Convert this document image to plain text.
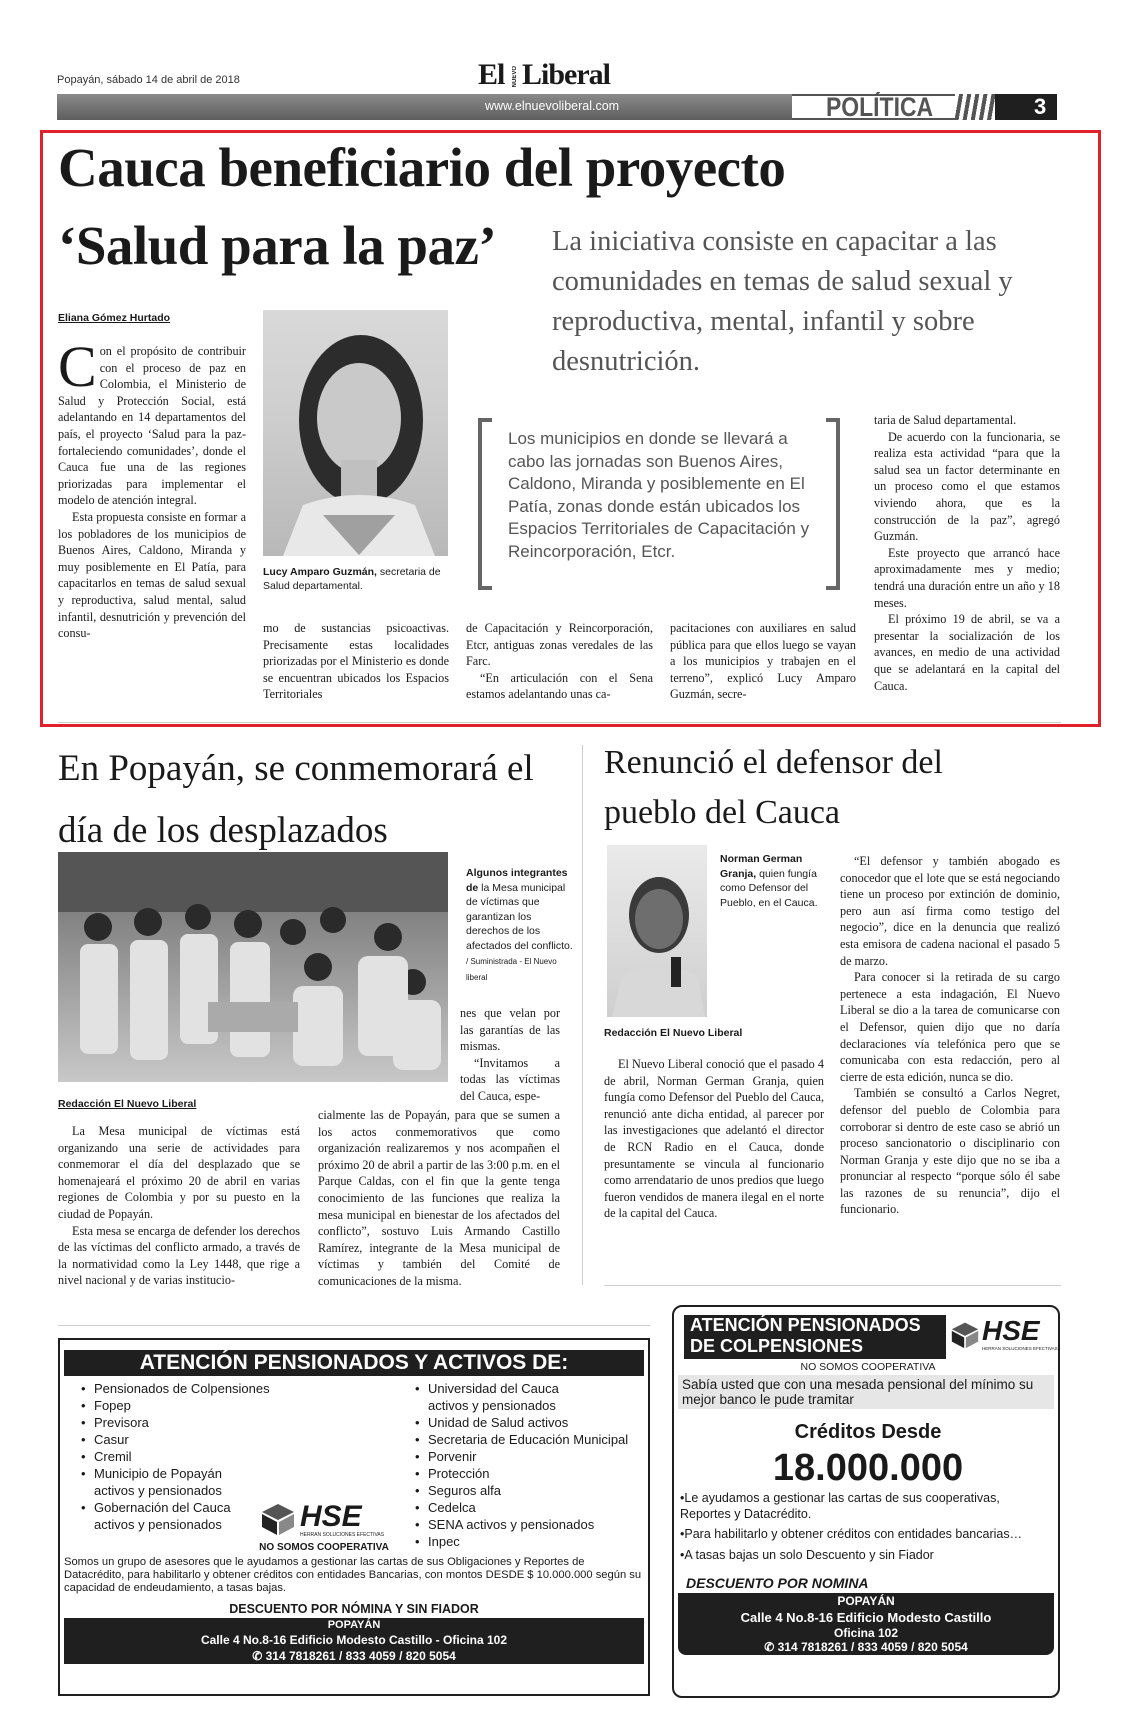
Popayán, sábado 14 de abril de 2018	El NUEVO Liberal
www.elnuevoliberal.com	POLÍTICA	3
Cauca beneficiario del proyecto
‘Salud para la paz’ La iniciativa consiste en capacitar a las comunidades en temas de salud sexual y reproductiva, mental, infantil y sobre desnutrición.
Eliana Gómez Hurtado
Lucy Amparo Guzmán, secretaria de Salud departamental.
Con el propósito de contribuir con el proceso de paz en Colombia, el Ministerio de Salud y Protección Social, está adelantando en 14 departamentos del país, el proyecto ‘Salud para la paz-fortaleciendo comunidades’, donde el Cauca fue una de las regiones priorizadas para implementar el modelo de atención integral.
Esta propuesta consiste en formar a los pobladores de los municipios de Buenos Aires, Caldono, Miranda y muy posiblemente en El Patía, para capacitarlos en temas de salud sexual y reproductiva, salud mental, salud infantil, desnutrición y prevención del consu-	mo de sustancias psicoactivas. Precisamente estas localidades priorizadas por el Ministerio es donde se encuentran ubicados los Espacios Territoriales
Los municipios en donde se llevará a cabo las jornadas son Buenos Aires, Caldono, Miranda y posiblemente en El Patía, zonas donde están ubicados los Espacios Territoriales de Capacitación y Reincorporación, Etcr.
de Capacitación y Reincorporación, Etcr, antiguas zonas veredales de las Farc.
“En articulación con el Sena estamos adelantando unas ca-
pacitaciones con auxiliares en salud pública para que ellos luego se vayan a los municipios y trabajen en el terreno”, explicó Lucy Amparo Guzmán, secre-
taria de Salud departamental.
De acuerdo con la funcionaria, se realiza esta actividad “para que la salud sea un factor determinante en un proceso como el que estamos viviendo ahora, que es la construcción de la paz”, agregó Guzmán.
Este proyecto que arrancó hace aproximadamente mes y medio; tendrá una duración entre un año y 18 meses.
El próximo 19 de abril, se va a presentar la socialización de los avances, en medio de una actividad que se adelantará en la capital del Cauca.
En Popayán, se conmemorará el día de los desplazados
Algunos integrantes de la Mesa municipal de víctimas que garantizan los derechos de los afectados del conflicto. / Suministrada - El Nuevo liberal
Redacción El Nuevo Liberal
La Mesa municipal de víctimas está organizando una serie de actividades para conmemorar el día del desplazado que se homenajeará el próximo 20 de abril en varias regiones de Colombia y por su puesto en la ciudad de Popayán.
Esta mesa se encarga de defender los derechos de las víctimas del conflicto armado, a través de la normatividad como la Ley 1448, que rige a nivel nacional y de varias institucio-
nes que velan por las garantías de las mismas.
“Invitamos a todas las víctimas del Cauca, espe-
cialmente las de Popayán, para que se sumen a los actos conmemorativos que como organización realizaremos y nos acompañen el próximo 20 de abril a partir de las 3:00 p.m. en el Parque Caldas, con el fin que la gente tenga conocimiento de las funciones que realiza la mesa municipal en bienestar de los afectados del conflicto”, sostuvo Luis Armando Castillo Ramírez, integrante de la Mesa municipal de víctimas y también del Comité de comunicaciones de la misma.
Renunció el defensor del pueblo del Cauca
Norman German Granja, quien fungía como Defensor del Pueblo, en el Cauca.
Redacción El Nuevo Liberal
El Nuevo Liberal conoció que el pasado 4 de abril, Norman German Granja, quien fungía como Defensor del Pueblo del Cauca, renunció ante dicha entidad, al parecer por las investigaciones que adelantó el director de RCN Radio en el Cauca, donde presuntamente se vincula al funcionario como arrendatario de unos predios que luego fueron vendidos de manera ilegal en el norte de la capital del Cauca.
“El defensor y también abogado es conocedor que el lote que se está negociando tiene un proceso por extinción de dominio, pero aun así firma como testigo del negocio”, dice en la denuncia que realizó esta emisora de cadena nacional el pasado 5 de marzo.
Para conocer si la retirada de su cargo pertenece a esta indagación, El Nuevo Liberal se dio a la tarea de comunicarse con el Defensor, quien dijo que no daría declaraciones vía telefónica pero que se comunicaba con esta redacción, pero al cierre de esta edición, nunca se dio.
También se consultó a Carlos Negret, defensor del pueblo de Colombia para corroborar si dentro de este caso se abrió un proceso sancionatorio o disciplinario con Norman Granja y este dijo que no se iba a pronunciar al respecto “porque sólo él sabe las razones de su renuncia”, dijo el funcionario.
ATENCIÓN PENSIONADOS Y ACTIVOS DE:
• Pensionados de Colpensiones
• Fopep
• Previsora
• Casur
• Cremil
• Municipio de Popayán activos y pensionados
• Gobernación del Cauca activos y pensionados
• Universidad del Cauca activos y pensionados
• Unidad de Salud activos
• Secretaria de Educación Municipal
• Porvenir
• Protección
• Seguros alfa
• Cedelca
• SENA activos y pensionados
• Inpec
HSE
HERRAN SOLUCIONES EFECTIVAS
NO SOMOS COOPERATIVA
Somos un grupo de asesores que le ayudamos a gestionar las cartas de sus Obligaciones y Reportes de Datacrédito, para habilitarlo y obtener créditos con entidades Bancarias, con montos DESDE $ 10.000.000 según su capacidad de endeudamiento, a tasas bajas.
DESCUENTO POR NÓMINA Y SIN FIADOR
POPAYÁN
Calle 4 No.8-16 Edificio Modesto Castillo - Oficina 102
✆ 314 7818261 / 833 4059 / 820 5054
ATENCIÓN PENSIONADOS
DE COLPENSIONES	HSE
HERRAN SOLUCIONES EFECTIVAS
NO SOMOS COOPERATIVA
Sabía usted que con una mesada pensional del mínimo su mejor banco le pude tramitar
Créditos Desde
18.000.000
•Le ayudamos a gestionar las cartas de sus cooperativas, Reportes y Datacrédito.
•Para habilitarlo y obtener créditos con entidades bancarias…
•A tasas bajas un solo Descuento y sin Fiador
DESCUENTO POR NOMINA
POPAYÁN
Calle 4 No.8-16 Edificio Modesto Castillo
Oficina 102
✆ 314 7818261 / 833 4059 / 820 5054
